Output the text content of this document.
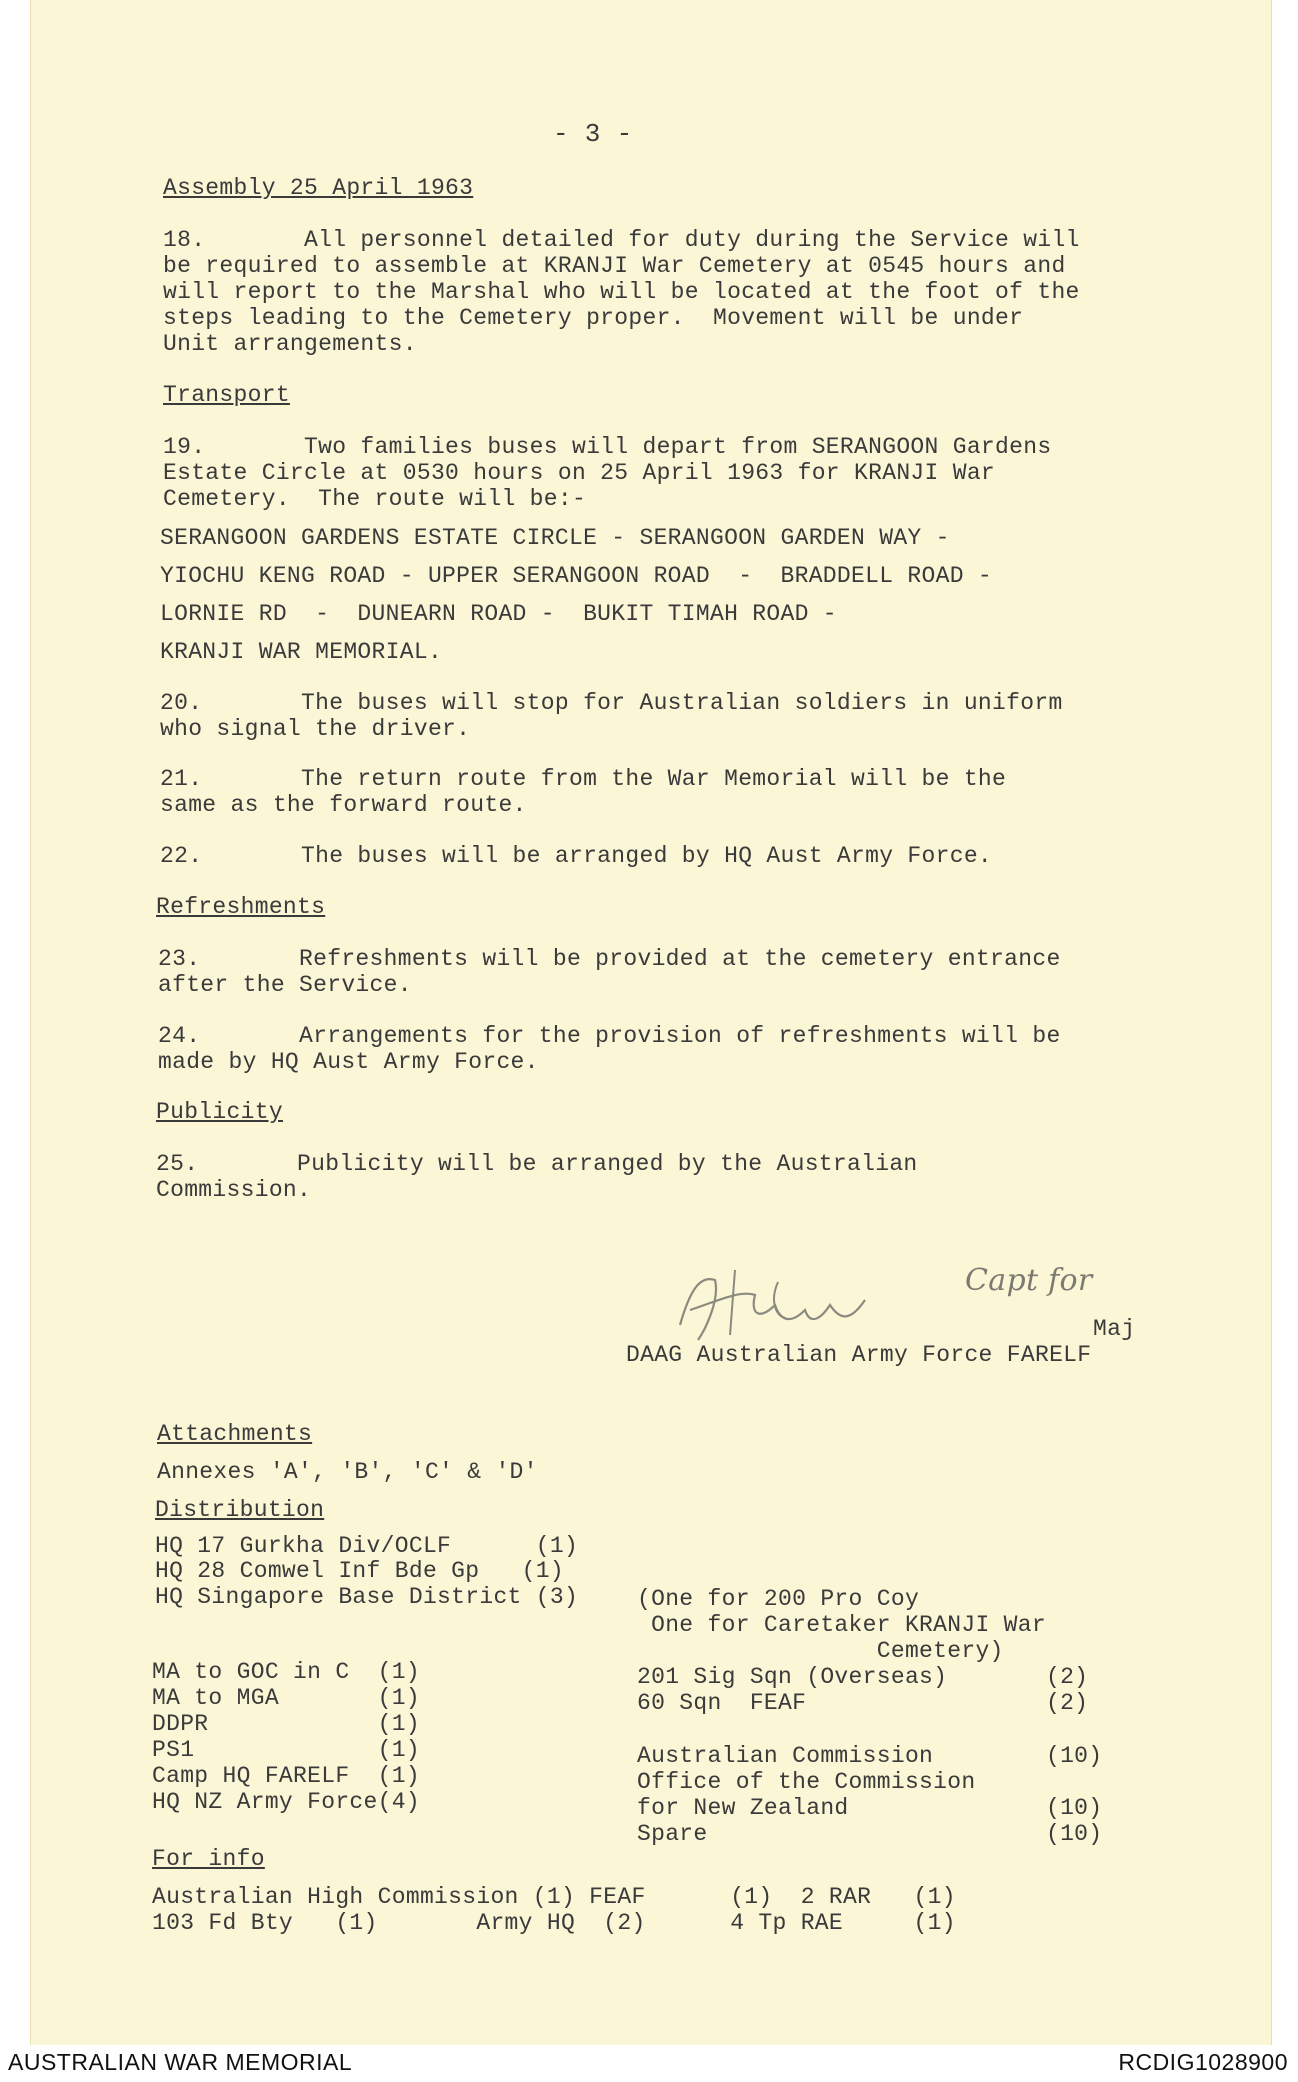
- 3 -
Assembly 25 April 1963
18.       All personnel detailed for duty during the Service will
be required to assemble at KRANJI War Cemetery at 0545 hours and
will report to the Marshal who will be located at the foot of the
steps leading to the Cemetery proper.  Movement will be under
Unit arrangements.
Transport
19.       Two families buses will depart from SERANGOON Gardens
Estate Circle at 0530 hours on 25 April 1963 for KRANJI War
Cemetery.  The route will be:-
SERANGOON GARDENS ESTATE CIRCLE - SERANGOON GARDEN WAY -
YIOCHU KENG ROAD - UPPER SERANGOON ROAD  -  BRADDELL ROAD -
LORNIE RD  -  DUNEARN ROAD -  BUKIT TIMAH ROAD -
KRANJI WAR MEMORIAL.
20.       The buses will stop for Australian soldiers in uniform
who signal the driver.
21.       The return route from the War Memorial will be the
same as the forward route.
22.       The buses will be arranged by HQ Aust Army Force.
Refreshments
23.       Refreshments will be provided at the cemetery entrance
after the Service.
24.       Arrangements for the provision of refreshments will be
made by HQ Aust Army Force.
Publicity
25.       Publicity will be arranged by the Australian
Commission.
Capt for
Maj
DAAG Australian Army Force FARELF
Attachments
Annexes 'A', 'B', 'C' & 'D'
Distribution
HQ 17 Gurkha Div/OCLF      (1)
HQ 28 Comwel Inf Bde Gp   (1)
HQ Singapore Base District (3)	(One for 200 Pro Coy
One for Caretaker KRANJI War
Cemetery)
MA to GOC in C  (1)
MA to MGA       (1)
DDPR            (1)
PS1             (1)
Camp HQ FARELF  (1)
HQ NZ Army Force(4)
201 Sig Sqn (Overseas)       (2)
60 Sqn  FEAF                 (2)
Australian Commission        (10)
Office of the Commission
for New Zealand              (10)
Spare                        (10)
For info
Australian High Commission (1) FEAF      (1)  2 RAR   (1)
103 Fd Bty   (1)       Army HQ  (2)      4 Tp RAE     (1)
AUSTRALIAN WAR MEMORIAL	RCDIG1028900
